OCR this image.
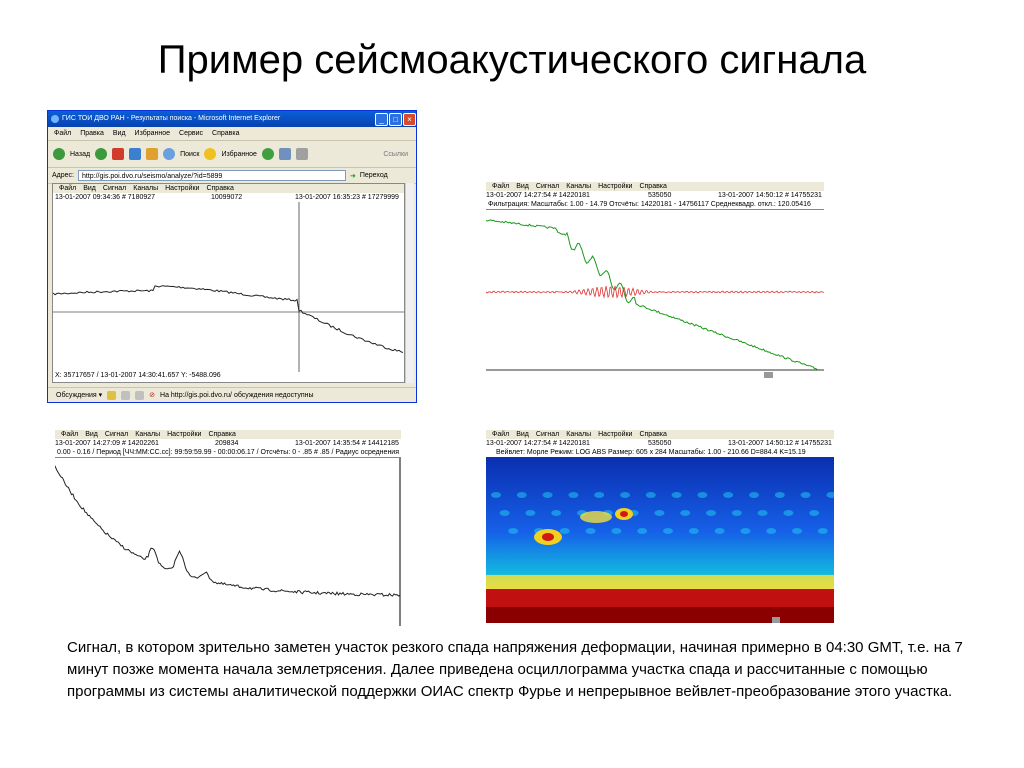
Пример сейсмоакустического сигнала
ГИС ТОИ ДВО РАН - Результаты поиска - Microsoft Internet Explorer	_	□	×
Файл Правка Вид Избранное Сервис Справка
Назад	Поиск	Избранное	Ссылки
Адрес:	http://gis.poi.dvo.ru/seismo/analyze/?id=5899	➜ Переход
Файл Вид Сигнал Каналы Настройки Справка
13-01-2007 09:34:36 # 7180927	10099072	13-01-2007 16:35:23 # 17279999
X: 35717657 / 13-01-2007 14:30:41.657 Y: -5488.096
Обсуждения ▾	⊘ На http://gis.poi.dvo.ru/ обсуждения недоступны
Файл Вид Сигнал Каналы Настройки Справка
13-01-2007 14:27:54 # 14220181	535050	13-01-2007 14:50:12 # 14755231
Фильтрация: Масштабы: 1.00 - 14.79 Отсчёты: 14220181 - 14756117 Среднеквадр. откл.: 120.05416
Файл Вид Сигнал Каналы Настройки Справка
13-01-2007 14:27:09 # 14202261	209834	13-01-2007 14:35:54 # 14412185
0.00 - 0.16 / Период [ЧЧ:ММ:СС.сс]: 99:59:59.99 - 00:00:06.17 / Отсчёты: 0 - .85 # .85 / Радиус осреднения
Файл Вид Сигнал Каналы Настройки Справка
13-01-2007 14:27:54 # 14220181	535050	13-01-2007 14:50:12 # 14755231
Вейвлет: Морле Режим: LOG ABS Размер: 605 x 284 Масштабы: 1.00 - 210.66 D=884.4 K=15.19
Сигнал, в котором зрительно заметен участок резкого спада напряжения деформации, начиная примерно в 04:30 GMT, т.е. на 7 минут позже момента начала землетрясения. Далее приведена осциллограмма участка спада и рассчитанные с помощью программы из системы аналитической поддержки ОИАС спектр Фурье и непрерывное вейвлет-преобразование этого участка.
